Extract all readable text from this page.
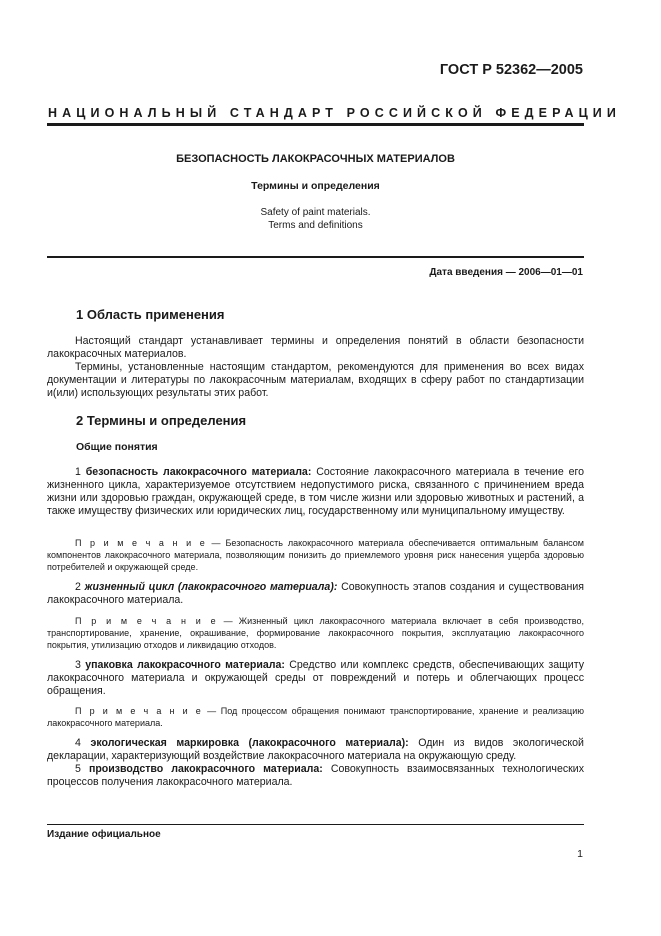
ГОСТ Р 52362—2005
НАЦИОНАЛЬНЫЙ СТАНДАРТ РОССИЙСКОЙ ФЕДЕРАЦИИ
БЕЗОПАСНОСТЬ ЛАКОКРАСОЧНЫХ МАТЕРИАЛОВ
Термины и определения
Safety of paint materials.
Terms and definitions
Дата введения — 2006—01—01
1 Область применения

Настоящий стандарт устанавливает термины и определения понятий в области безопасности лакокрасочных материалов.

Термины, установленные настоящим стандартом, рекомендуются для применения во всех видах документации и литературы по лакокрасочным материалам, входящих в сферу работ по стандартизации и(или) использующих результаты этих работ.

2 Термины и определения
Общие понятия

1 безопасность лакокрасочного материала: Состояние лакокрасочного материала в течение его жизненного цикла, характеризуемое отсутствием недопустимого риска, связанного с причинением вреда жизни или здоровью граждан, окружающей среде, в том числе жизни или здоровью животных и растений, а также имуществу физических или юридических лиц, государственному или муниципальному имуществу.

П р и м е ч а н и е — Безопасность лакокрасочного материала обеспечивается оптимальным балансом компонентов лакокрасочного материала, позволяющим понизить до приемлемого уровня риск нанесения ущерба здоровью потребителей и окружающей среде.

2 жизненный цикл (лакокрасочного материала): Совокупность этапов создания и существования лакокрасочного материала.

П р и м е ч а н и е — Жизненный цикл лакокрасочного материала включает в себя производство, транспортирование, хранение, окрашивание, формирование лакокрасочного покрытия, эксплуатацию лакокрасочного покрытия, утилизацию отходов и ликвидацию отходов.

3 упаковка лакокрасочного материала: Средство или комплекс средств, обеспечивающих защиту лакокрасочного материала и окружающей среды от повреждений и потерь и облегчающих процесс обращения.

П р и м е ч а н и е — Под процессом обращения понимают транспортирование, хранение и реализацию лакокрасочного материала.

4 экологическая маркировка (лакокрасочного материала): Один из видов экологической декларации, характеризующий воздействие лакокрасочного материала на окружающую среду.

5 производство лакокрасочного материала: Совокупность взаимосвязанных технологических процессов получения лакокрасочного материала.

Издание официальное
1
